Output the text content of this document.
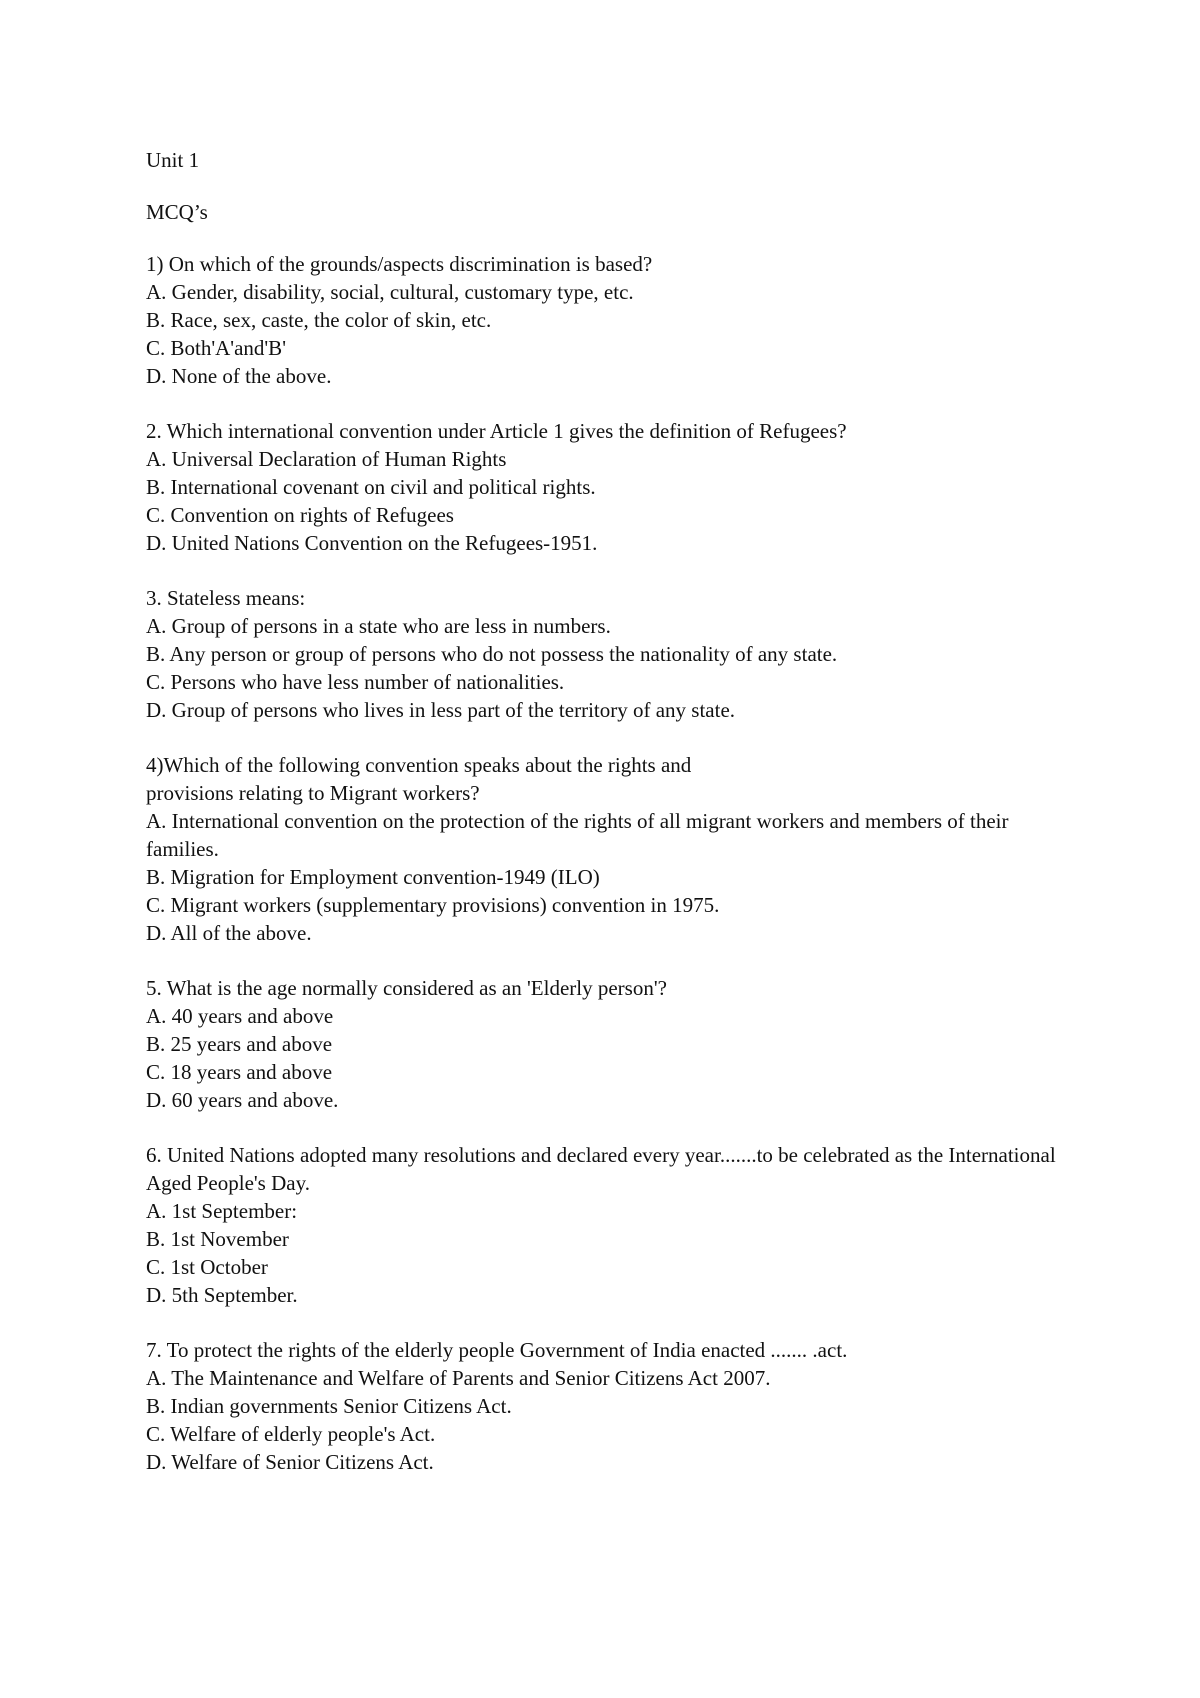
Unit 1
MCQ’s
1) On which of the grounds/aspects discrimination is based?
A. Gender, disability, social, cultural, customary type, etc.
B. Race, sex, caste, the color of skin, etc.
C. Both'A'and'B'
D. None of the above.
2. Which international convention under Article 1 gives the definition of Refugees?
A. Universal Declaration of Human Rights
B. International covenant on civil and political rights.
C. Convention on rights of Refugees
D. United Nations Convention on the Refugees-1951.
3. Stateless means:
A. Group of persons in a state who are less in numbers.
B. Any person or group of persons who do not possess the nationality of any state.
C. Persons who have less number of nationalities.
D. Group of persons who lives in less part of the territory of any state.
4)Which of the following convention speaks about the rights and
provisions relating to Migrant workers?
A. International convention on the protection of the rights of all migrant workers and members of their families.
B. Migration for Employment convention-1949 (ILO)
C. Migrant workers (supplementary provisions) convention in 1975.
D. All of the above.
5. What is the age normally considered as an 'Elderly person'?
A. 40 years and above
B. 25 years and above
C. 18 years and above
D. 60 years and above.
6. United Nations adopted many resolutions and declared every year.......to be celebrated as the International Aged People's Day.
A. 1st September:
B. 1st November
C. 1st October
D. 5th September.
7. To protect the rights of the elderly people Government of India enacted ....... .act.
A. The Maintenance and Welfare of Parents and Senior Citizens Act 2007.
B. Indian governments Senior Citizens Act.
C. Welfare of elderly people's Act.
D. Welfare of Senior Citizens Act.
